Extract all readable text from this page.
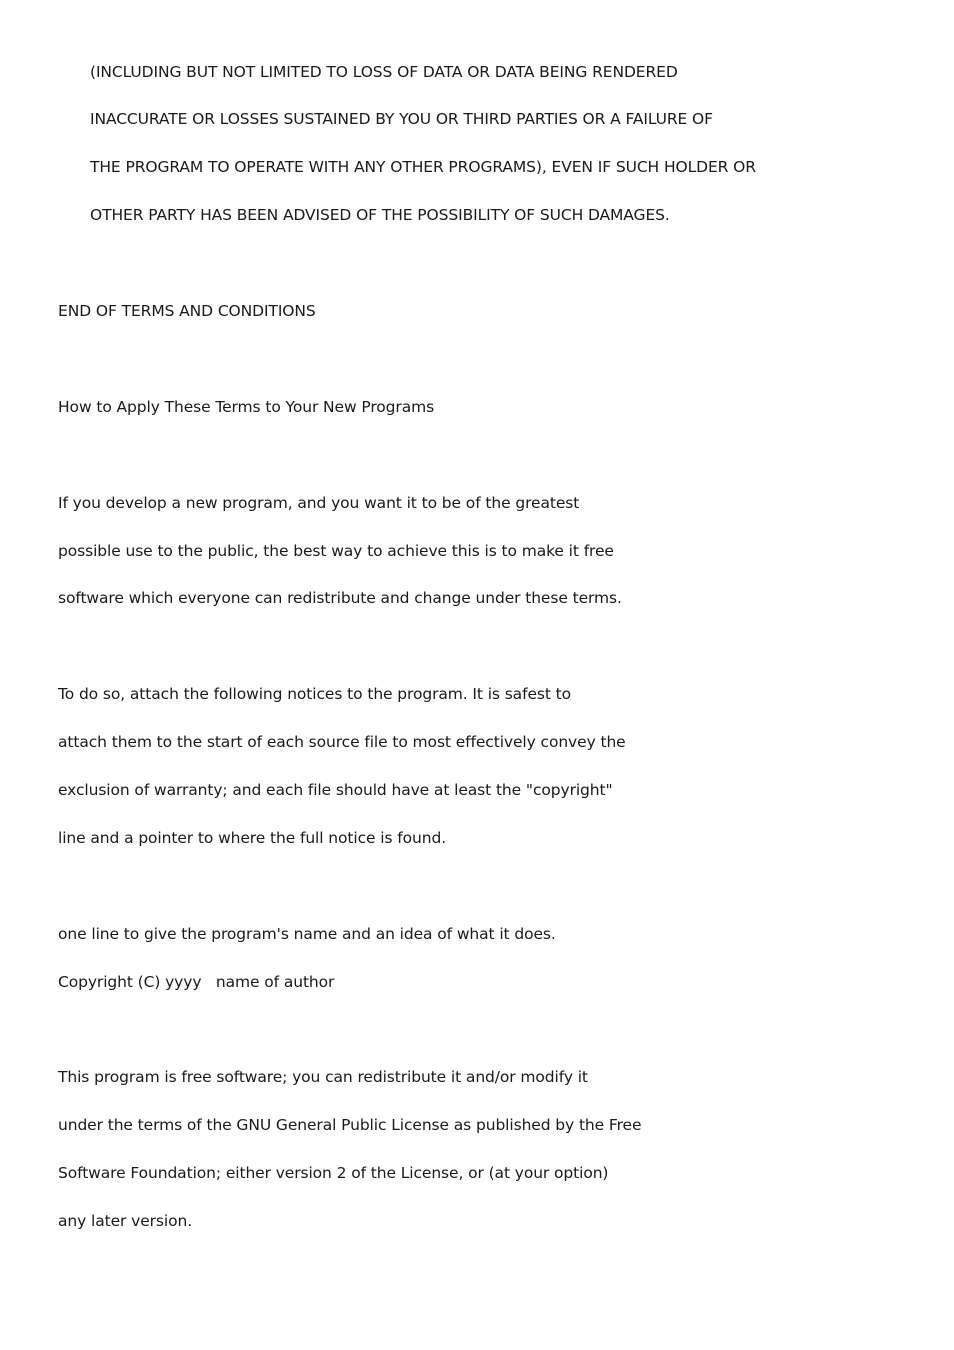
(INCLUDING BUT NOT LIMITED TO LOSS OF DATA OR DATA BEING RENDERED
INACCURATE OR LOSSES SUSTAINED BY YOU OR THIRD PARTIES OR A FAILURE OF
THE PROGRAM TO OPERATE WITH ANY OTHER PROGRAMS), EVEN IF SUCH HOLDER OR
OTHER PARTY HAS BEEN ADVISED OF THE POSSIBILITY OF SUCH DAMAGES.
END OF TERMS AND CONDITIONS
How to Apply These Terms to Your New Programs
If you develop a new program, and you want it to be of the greatest
possible use to the public, the best way to achieve this is to make it free
software which everyone can redistribute and change under these terms.
To do so, attach the following notices to the program. It is safest to
attach them to the start of each source file to most effectively convey the
exclusion of warranty; and each file should have at least the "copyright"
line and a pointer to where the full notice is found.
one line to give the program's name and an idea of what it does.
Copyright (C) yyyy   name of author
This program is free software; you can redistribute it and/or modify it
under the terms of the GNU General Public License as published by the Free
Software Foundation; either version 2 of the License, or (at your option)
any later version.
